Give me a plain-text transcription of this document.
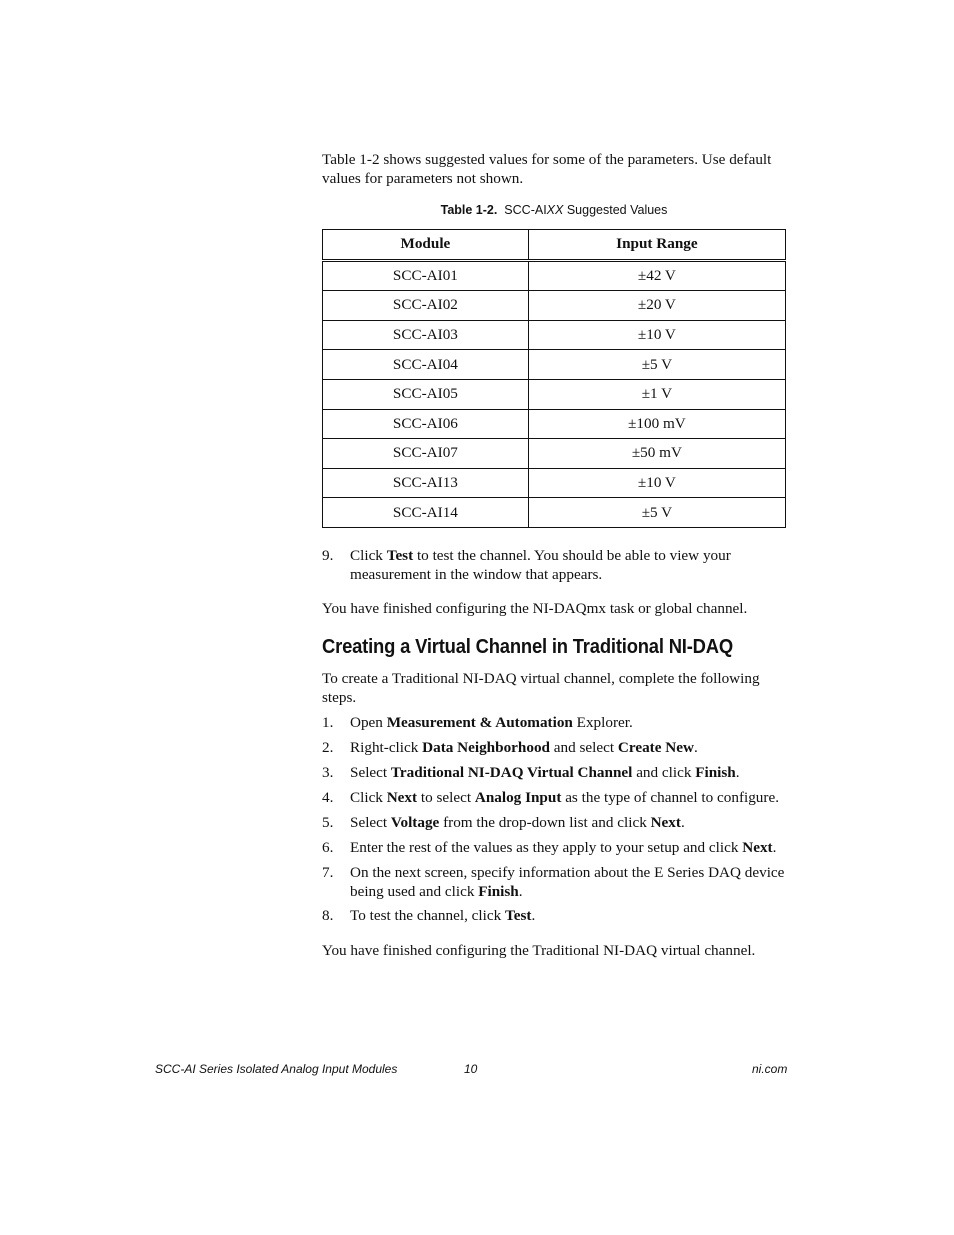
Table 1-2 shows suggested values for some of the parameters. Use default values for parameters not shown.
Table 1-2. SCC-AIXX Suggested Values
Module	Input Range
SCC-AI01	±42 V
SCC-AI02	±20 V
SCC-AI03	±10 V
SCC-AI04	±5 V
SCC-AI05	±1 V
SCC-AI06	±100 mV
SCC-AI07	±50 mV
SCC-AI13	±10 V
SCC-AI14	±5 V
9. Click Test to test the channel. You should be able to view your measurement in the window that appears.
You have finished configuring the NI-DAQmx task or global channel.
Creating a Virtual Channel in Traditional NI-DAQ
To create a Traditional NI-DAQ virtual channel, complete the following steps.
1. Open Measurement & Automation Explorer.
2. Right-click Data Neighborhood and select Create New.
3. Select Traditional NI-DAQ Virtual Channel and click Finish.
4. Click Next to select Analog Input as the type of channel to configure.
5. Select Voltage from the drop-down list and click Next.
6. Enter the rest of the values as they apply to your setup and click Next.
7. On the next screen, specify information about the E Series DAQ device being used and click Finish.
8. To test the channel, click Test.
You have finished configuring the Traditional NI-DAQ virtual channel.
SCC-AI Series Isolated Analog Input Modules	10	ni.com
